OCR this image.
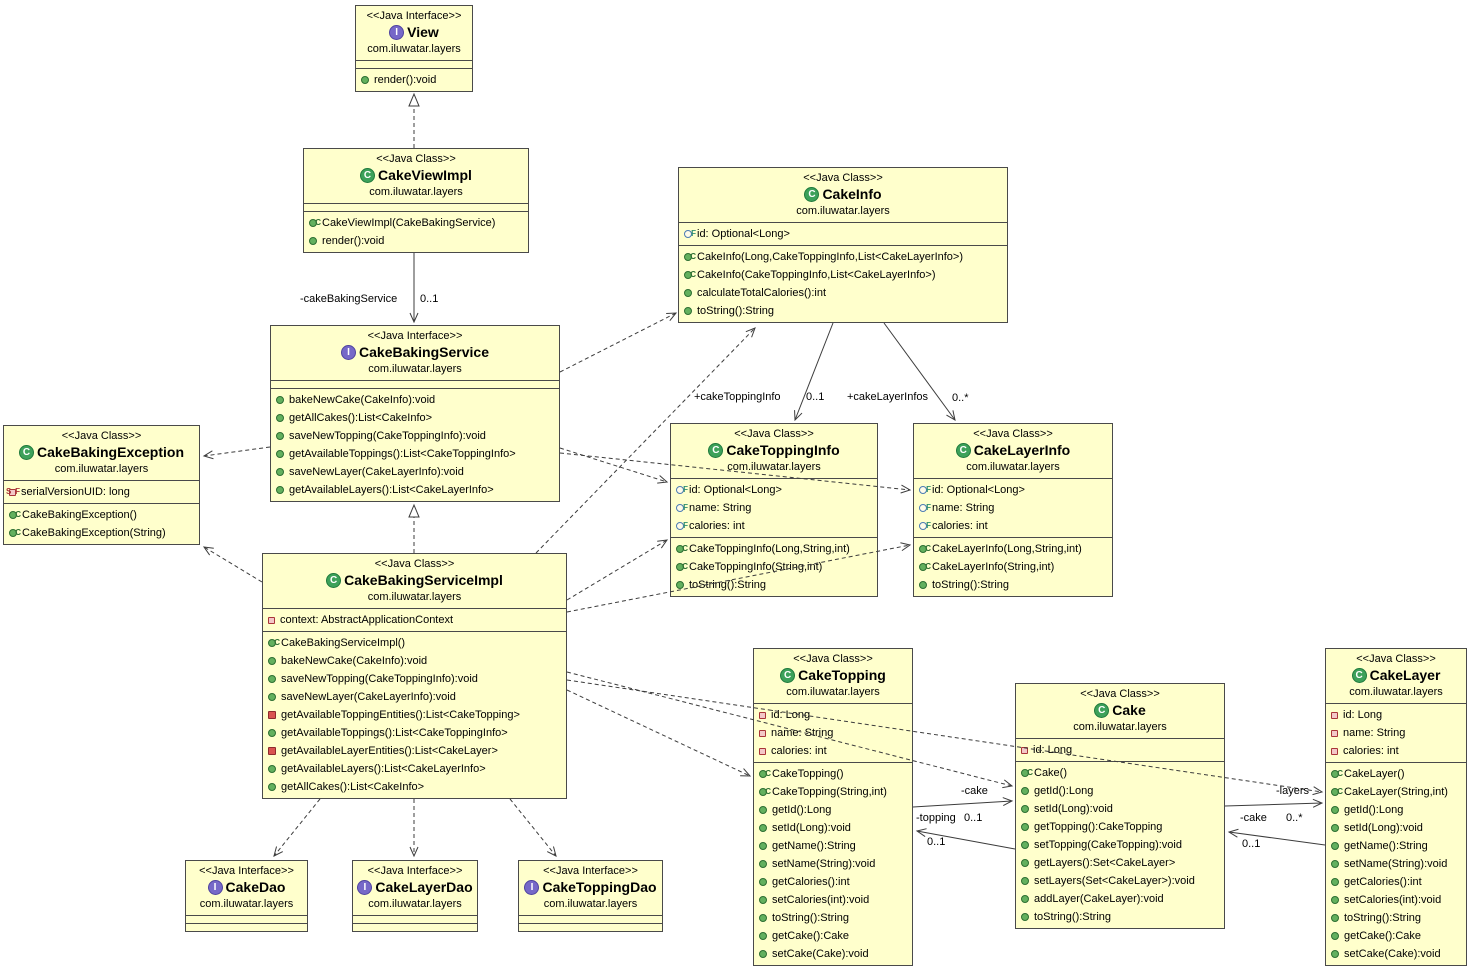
<<Java Interface>>
I View
com.iluwatar.layers
render():void
<<Java Class>>
C CakeViewImpl
com.iluwatar.layers
C
CakeViewImpl(CakeBakingService)
render():void
<<Java Class>>
C CakeInfo
com.iluwatar.layers
F
id: Optional<Long>
C
CakeInfo(Long,CakeToppingInfo,List<CakeLayerInfo>)
C
CakeInfo(CakeToppingInfo,List<CakeLayerInfo>)
calculateTotalCalories():int
toString():String
<<Java Interface>>
I CakeBakingService
com.iluwatar.layers
bakeNewCake(CakeInfo):void
getAllCakes():List<CakeInfo>
saveNewTopping(CakeToppingInfo):void
getAvailableToppings():List<CakeToppingInfo>
saveNewLayer(CakeLayerInfo):void
getAvailableLayers():List<CakeLayerInfo>
<<Java Class>>
C CakeBakingException
com.iluwatar.layers
S F
serialVersionUID: long
C
CakeBakingException()
C
CakeBakingException(String)
<<Java Class>>
C CakeToppingInfo
com.iluwatar.layers
F
id: Optional<Long>
F
name: String
F
calories: int
C
CakeToppingInfo(Long,String,int)
C
CakeToppingInfo(String,int)
toString():String
<<Java Class>>
C CakeLayerInfo
com.iluwatar.layers
F
id: Optional<Long>
F
name: String
F
calories: int
C
CakeLayerInfo(Long,String,int)
C
CakeLayerInfo(String,int)
toString():String
<<Java Class>>
C CakeBakingServiceImpl
com.iluwatar.layers
context: AbstractApplicationContext
C
CakeBakingServiceImpl()
bakeNewCake(CakeInfo):void
saveNewTopping(CakeToppingInfo):void
saveNewLayer(CakeLayerInfo):void
getAvailableToppingEntities():List<CakeTopping>
getAvailableToppings():List<CakeToppingInfo>
getAvailableLayerEntities():List<CakeLayer>
getAvailableLayers():List<CakeLayerInfo>
getAllCakes():List<CakeInfo>
<<Java Class>>
C CakeTopping
com.iluwatar.layers
id: Long
name: String
calories: int
C
CakeTopping()
C
CakeTopping(String,int)
getId():Long
setId(Long):void
getName():String
setName(String):void
getCalories():int
setCalories(int):void
toString():String
getCake():Cake
setCake(Cake):void
<<Java Class>>
C Cake
com.iluwatar.layers
id: Long
C
Cake()
getId():Long
setId(Long):void
getTopping():CakeTopping
setTopping(CakeTopping):void
getLayers():Set<CakeLayer>
setLayers(Set<CakeLayer>):void
addLayer(CakeLayer):void
toString():String
<<Java Class>>
C CakeLayer
com.iluwatar.layers
id: Long
name: String
calories: int
C
CakeLayer()
C
CakeLayer(String,int)
getId():Long
setId(Long):void
getName():String
setName(String):void
getCalories():int
setCalories(int):void
toString():String
getCake():Cake
setCake(Cake):void
<<Java Interface>>
I CakeDao
com.iluwatar.layers
<<Java Interface>>
I CakeLayerDao
com.iluwatar.layers
<<Java Interface>>
I CakeToppingDao
com.iluwatar.layers
-cakeBakingService 0..1
+cakeToppingInfo 0..1 +cakeLayerInfos 0..*
-cake
-topping 0..1
0..1
-layers
-cake 0..*
0..1
